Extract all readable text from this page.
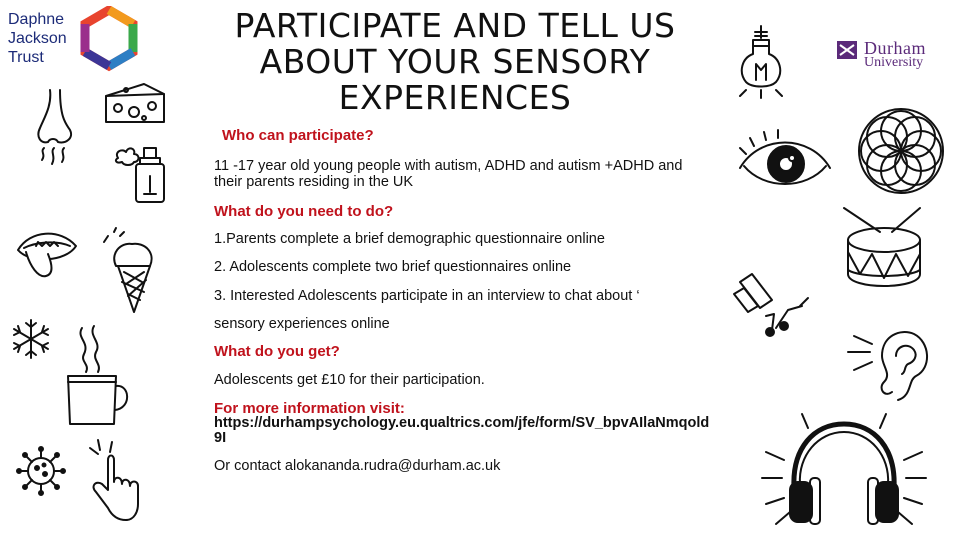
Daphne
Jackson
Trust	Durham
University
PARTICIPATE AND TELL US
ABOUT YOUR SENSORY
EXPERIENCES
Who can participate?
11 -17 year old young people with autism, ADHD and autism +ADHD and
their parents residing in the UK
What do you need to do?
1.Parents complete a brief demographic questionnaire online
2. Adolescents complete two brief questionnaires online
3. Interested Adolescents participate in an interview to chat about ‘
sensory experiences online
What do you get?
Adolescents get £10 for their participation.
For more information visit:
https://durhampsychology.eu.qualtrics.com/jfe/form/SV_bpvAIlaNmqold
9I
Or contact alokananda.rudra@durham.ac.uk
